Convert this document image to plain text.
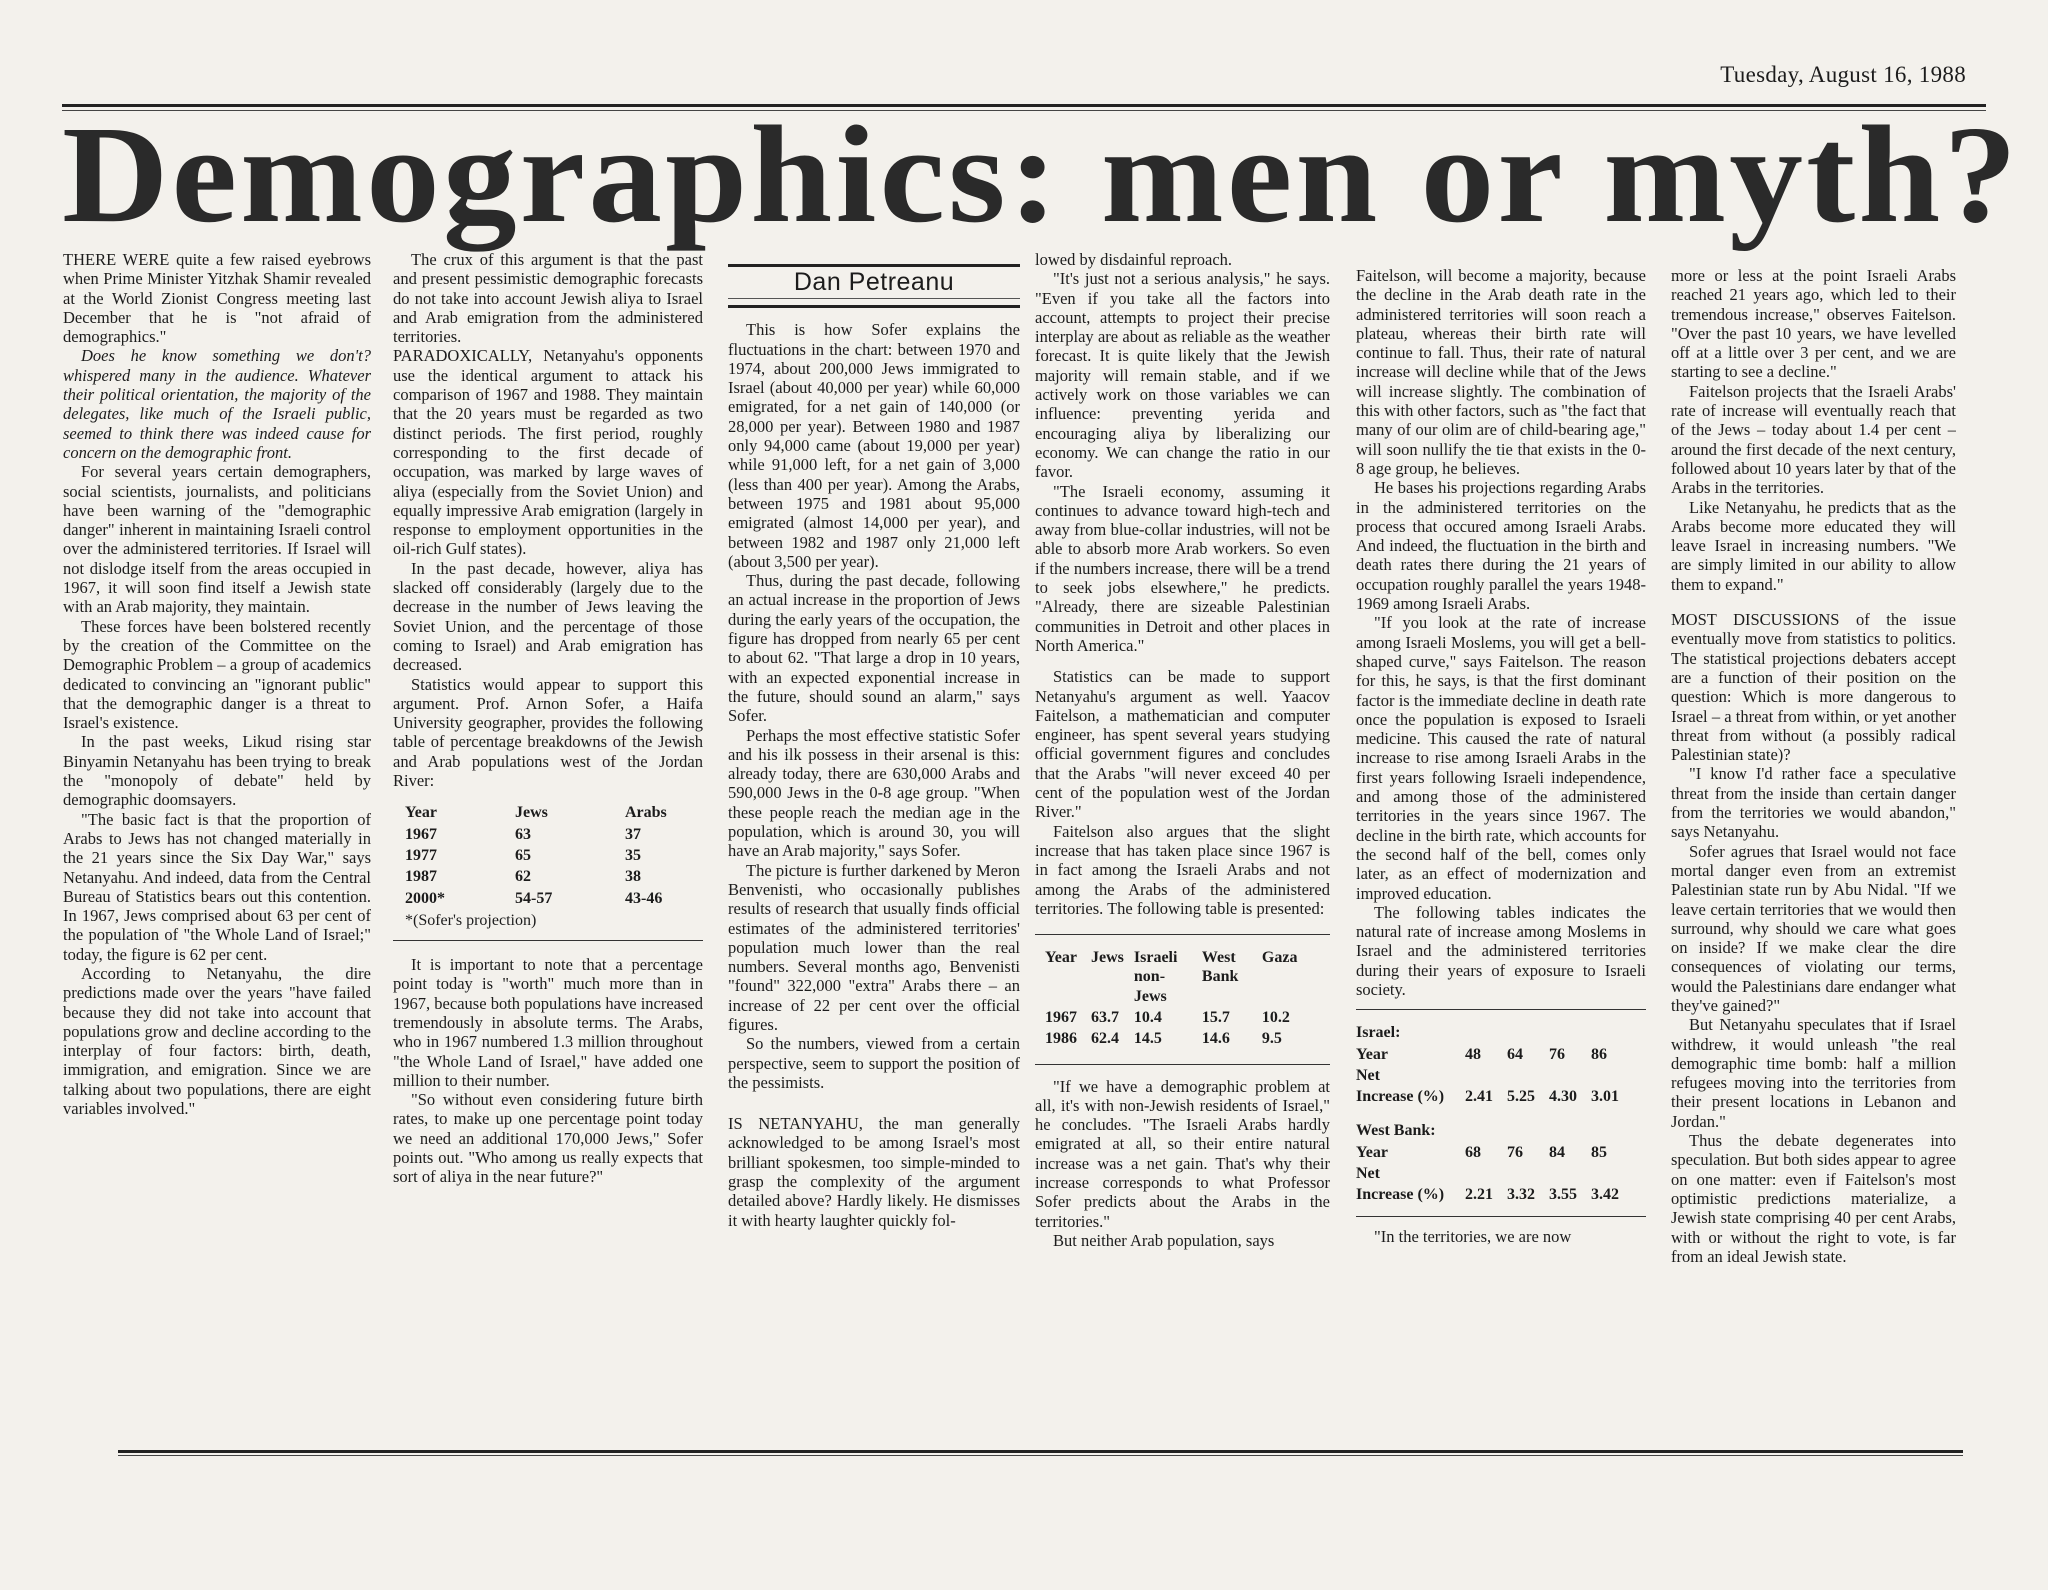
Tuesday, August 16, 1988
Demographics: men or myth?

THERE WERE quite a few raised eyebrows when Prime Minister Yitzhak Shamir revealed at the World Zionist Congress meeting last December that he is "not afraid of demographics."

Does he know something we don't? whispered many in the audience. Whatever their political orientation, the majority of the delegates, like much of the Israeli public, seemed to think there was indeed cause for concern on the demographic front.

For several years certain demographers, social scientists, journalists, and politicians have been warning of the "demographic danger" inherent in maintaining Israeli control over the administered territories. If Israel will not dislodge itself from the areas occupied in 1967, it will soon find itself a Jewish state with an Arab majority, they maintain.

These forces have been bolstered recently by the creation of the Committee on the Demographic Problem – a group of academics dedicated to convincing an "ignorant public" that the demographic danger is a threat to Israel's existence.

In the past weeks, Likud rising star Binyamin Netanyahu has been trying to break the "monopoly of debate" held by demographic doomsayers.

"The basic fact is that the proportion of Arabs to Jews has not changed materially in the 21 years since the Six Day War," says Netanyahu. And indeed, data from the Central Bureau of Statistics bears out this contention. In 1967, Jews comprised about 63 per cent of the population of "the Whole Land of Israel;" today, the figure is 62 per cent.

According to Netanyahu, the dire predictions made over the years "have failed because they did not take into account that populations grow and decline according to the interplay of four factors: birth, death, immigration, and emigration. Since we are talking about two populations, there are eight variables involved."

The crux of this argument is that the past and present pessimistic demographic forecasts do not take into account Jewish aliya to Israel and Arab emigration from the administered territories.

PARADOXICALLY, Netanyahu's opponents use the identical argument to attack his comparison of 1967 and 1988. They maintain that the 20 years must be regarded as two distinct periods. The first period, roughly corresponding to the first decade of occupation, was marked by large waves of aliya (especially from the Soviet Union) and equally impressive Arab emigration (largely in response to employment opportunities in the oil-rich Gulf states).

In the past decade, however, aliya has slacked off considerably (largely due to the decrease in the number of Jews leaving the Soviet Union, and the percentage of those coming to Israel) and Arab emigration has decreased.

Statistics would appear to support this argument. Prof. Arnon Sofer, a Haifa University geographer, provides the following table of percentage breakdowns of the Jewish and Arab populations west of the Jordan River:

Year	Jews	Arabs
1967	63	37
1977	65	35
1987	62	38
2000*	54-57	43-46
*(Sofer's projection)

It is important to note that a percentage point today is "worth" much more than in 1967, because both populations have increased tremendously in absolute terms. The Arabs, who in 1967 numbered 1.3 million throughout "the Whole Land of Israel," have added one million to their number.

"So without even considering future birth rates, to make up one percentage point today we need an additional 170,000 Jews," Sofer points out. "Who among us really expects that sort of aliya in the near future?"

Dan Petreanu

This is how Sofer explains the fluctuations in the chart: between 1970 and 1974, about 200,000 Jews immigrated to Israel (about 40,000 per year) while 60,000 emigrated, for a net gain of 140,000 (or 28,000 per year). Between 1980 and 1987 only 94,000 came (about 19,000 per year) while 91,000 left, for a net gain of 3,000 (less than 400 per year). Among the Arabs, between 1975 and 1981 about 95,000 emigrated (almost 14,000 per year), and between 1982 and 1987 only 21,000 left (about 3,500 per year).

Thus, during the past decade, following an actual increase in the proportion of Jews during the early years of the occupation, the figure has dropped from nearly 65 per cent to about 62. "That large a drop in 10 years, with an expected exponential increase in the future, should sound an alarm," says Sofer.

Perhaps the most effective statistic Sofer and his ilk possess in their arsenal is this: already today, there are 630,000 Arabs and 590,000 Jews in the 0-8 age group. "When these people reach the median age in the population, which is around 30, you will have an Arab majority," says Sofer.

The picture is further darkened by Meron Benvenisti, who occasionally publishes results of research that usually finds official estimates of the administered territories' population much lower than the real numbers. Several months ago, Benvenisti "found" 322,000 "extra" Arabs there – an increase of 22 per cent over the official figures.

So the numbers, viewed from a certain perspective, seem to support the position of the pessimists.

IS NETANYAHU, the man generally acknowledged to be among Israel's most brilliant spokesmen, too simple-minded to grasp the complexity of the argument detailed above? Hardly likely. He dismisses it with hearty laughter quickly fol-

lowed by disdainful reproach.

"It's just not a serious analysis," he says. "Even if you take all the factors into account, attempts to project their precise interplay are about as reliable as the weather forecast. It is quite likely that the Jewish majority will remain stable, and if we actively work on those variables we can influence: preventing yerida and encouraging aliya by liberalizing our economy. We can change the ratio in our favor.

"The Israeli economy, assuming it continues to advance toward high-tech and away from blue-collar industries, will not be able to absorb more Arab workers. So even if the numbers increase, there will be a trend to seek jobs elsewhere," he predicts. "Already, there are sizeable Palestinian communities in Detroit and other places in North America."

Statistics can be made to support Netanyahu's argument as well. Yaacov Faitelson, a mathematician and computer engineer, has spent several years studying official government figures and concludes that the Arabs "will never exceed 40 per cent of the population west of the Jordan River."

Faitelson also argues that the slight increase that has taken place since 1967 is in fact among the Israeli Arabs and not among the Arabs of the administered territories. The following table is presented:

Year	Jews	Israeli non-Jews	West Bank	Gaza
1967	63.7	10.4	15.7	10.2
1986	62.4	14.5	14.6	9.5

"If we have a demographic problem at all, it's with non-Jewish residents of Israel," he concludes. "The Israeli Arabs hardly emigrated at all, so their entire natural increase was a net gain. That's why their increase corresponds to what Professor Sofer predicts about the Arabs in the territories."

But neither Arab population, says

Faitelson, will become a majority, because the decline in the Arab death rate in the administered territories will soon reach a plateau, whereas their birth rate will continue to fall. Thus, their rate of natural increase will decline while that of the Jews will increase slightly. The combination of this with other factors, such as "the fact that many of our olim are of child-bearing age," will soon nullify the tie that exists in the 0-8 age group, he believes.

He bases his projections regarding Arabs in the administered territories on the process that occured among Israeli Arabs. And indeed, the fluctuation in the birth and death rates there during the 21 years of occupation roughly parallel the years 1948-1969 among Israeli Arabs.

"If you look at the rate of increase among Israeli Moslems, you will get a bell-shaped curve," says Faitelson. The reason for this, he says, is that the first dominant factor is the immediate decline in death rate once the population is exposed to Israeli medicine. This caused the rate of natural increase to rise among Israeli Arabs in the first years following Israeli independence, and among those of the administered territories in the years since 1967. The decline in the birth rate, which accounts for the second half of the bell, comes only later, as an effect of modernization and improved education.

The following tables indicates the natural rate of increase among Moslems in Israel and the administered territories during their years of exposure to Israeli society.

Israel:				
Year	48	64	76	86
Net				
Increase (%)	2.41	5.25	4.30	3.01
West Bank:				
Year	68	76	84	85
Net				
Increase (%)	2.21	3.32	3.55	3.42

"In the territories, we are now

more or less at the point Israeli Arabs reached 21 years ago, which led to their tremendous increase," observes Faitelson. "Over the past 10 years, we have levelled off at a little over 3 per cent, and we are starting to see a decline."

Faitelson projects that the Israeli Arabs' rate of increase will eventually reach that of the Jews – today about 1.4 per cent – around the first decade of the next century, followed about 10 years later by that of the Arabs in the territories.

Like Netanyahu, he predicts that as the Arabs become more educated they will leave Israel in increasing numbers. "We are simply limited in our ability to allow them to expand."

MOST DISCUSSIONS of the issue eventually move from statistics to politics. The statistical projections debaters accept are a function of their position on the question: Which is more dangerous to Israel – a threat from within, or yet another threat from without (a possibly radical Palestinian state)?

"I know I'd rather face a speculative threat from the inside than certain danger from the territories we would abandon," says Netanyahu.

Sofer agrues that Israel would not face mortal danger even from an extremist Palestinian state run by Abu Nidal. "If we leave certain territories that we would then surround, why should we care what goes on inside? If we make clear the dire consequences of violating our terms, would the Palestinians dare endanger what they've gained?"

But Netanyahu speculates that if Israel withdrew, it would unleash "the real demographic time bomb: half a million refugees moving into the territories from their present locations in Lebanon and Jordan."

Thus the debate degenerates into speculation. But both sides appear to agree on one matter: even if Faitelson's most optimistic predictions materialize, a Jewish state comprising 40 per cent Arabs, with or without the right to vote, is far from an ideal Jewish state.
